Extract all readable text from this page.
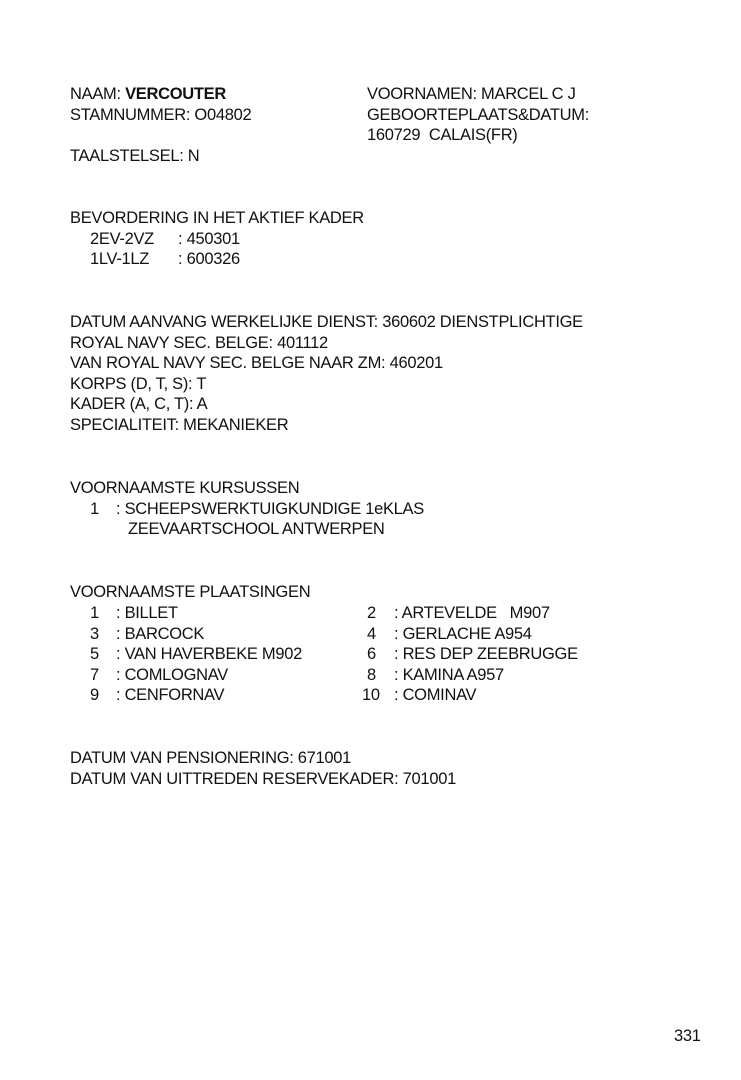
NAAM: VERCOUTER
STAMNUMMER: O04802
TAALSTELSEL: N
VOORNAMEN: MARCEL C J
GEBOORTEPLAATS&DATUM:
160729  CALAIS(FR)
BEVORDERING IN HET AKTIEF KADER
2EV-2VZ : 450301
1LV-1LZ : 600326
DATUM AANVANG WERKELIJKE DIENST: 360602 DIENSTPLICHTIGE
ROYAL NAVY SEC. BELGE: 401112
VAN ROYAL NAVY SEC. BELGE NAAR ZM: 460201
KORPS (D, T, S): T
KADER (A, C, T): A
SPECIALITEIT: MEKANIEKER
VOORNAAMSTE KURSUSSEN
1 : SCHEEPSWERKTUIGKUNDIGE 1eKLAS
ZEEVAARTSCHOOL ANTWERPEN
VOORNAAMSTE PLAATSINGEN
1 : BILLET
3 : BARCOCK
5 : VAN HAVERBEKE M902
7 : COMLOGNAV
9 : CENFORNAV
2 : ARTEVELDE   M907
4 : GERLACHE A954
6 : RES DEP ZEEBRUGGE
8 : KAMINA A957
10 : COMINAV
DATUM VAN PENSIONERING: 671001
DATUM VAN UITTREDEN RESERVEKADER: 701001
331
